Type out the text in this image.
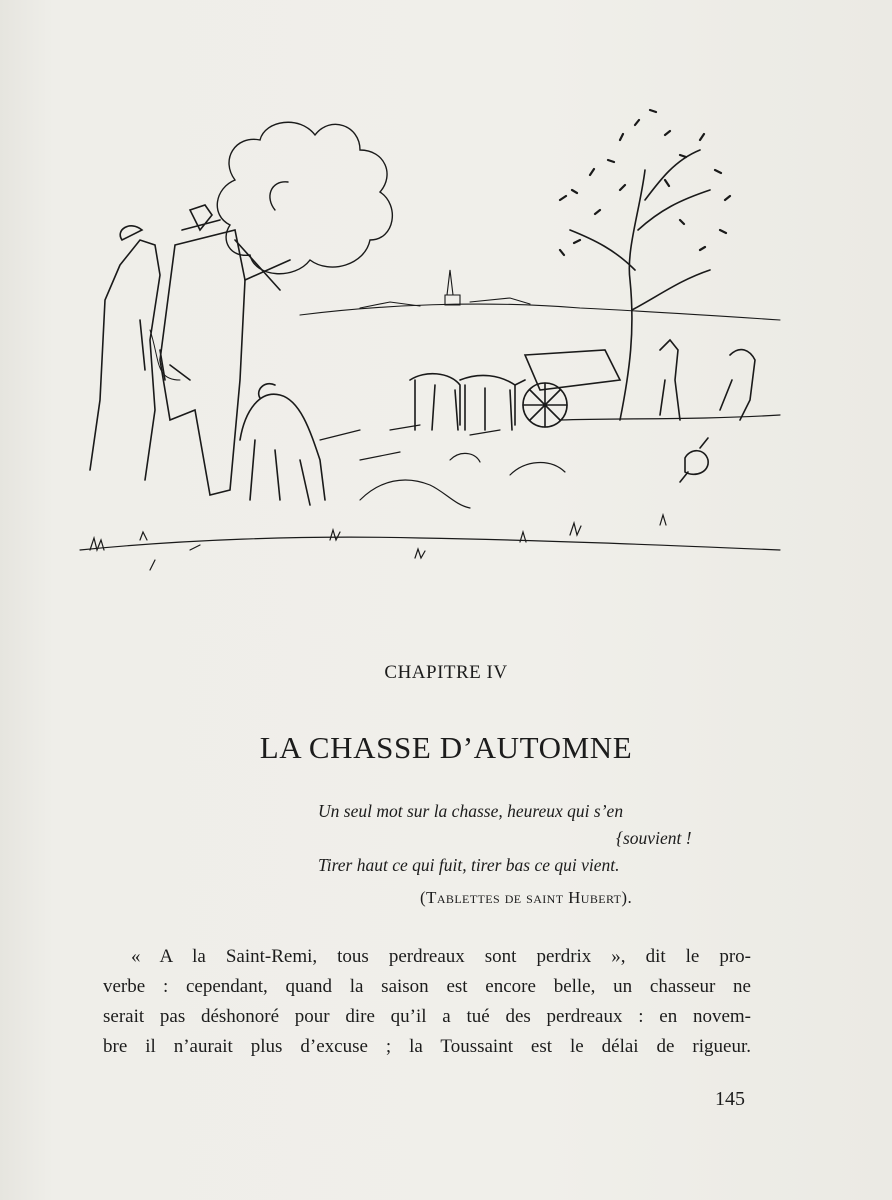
CHAPITRE IV
LA CHASSE D’AUTOMNE
Un seul mot sur la chasse, heureux qui s’en
{souvient !
Tirer haut ce qui fuit, tirer bas ce qui vient.
(Tablettes de saint Hubert).
« A la Saint-Remi, tous perdreaux sont perdrix », dit le pro-
verbe : cependant, quand la saison est encore belle, un chasseur ne
serait pas déshonoré pour dire qu’il a tué des perdreaux : en novem-
bre il n’aurait plus d’excuse ; la Toussaint est le délai de rigueur.
145
